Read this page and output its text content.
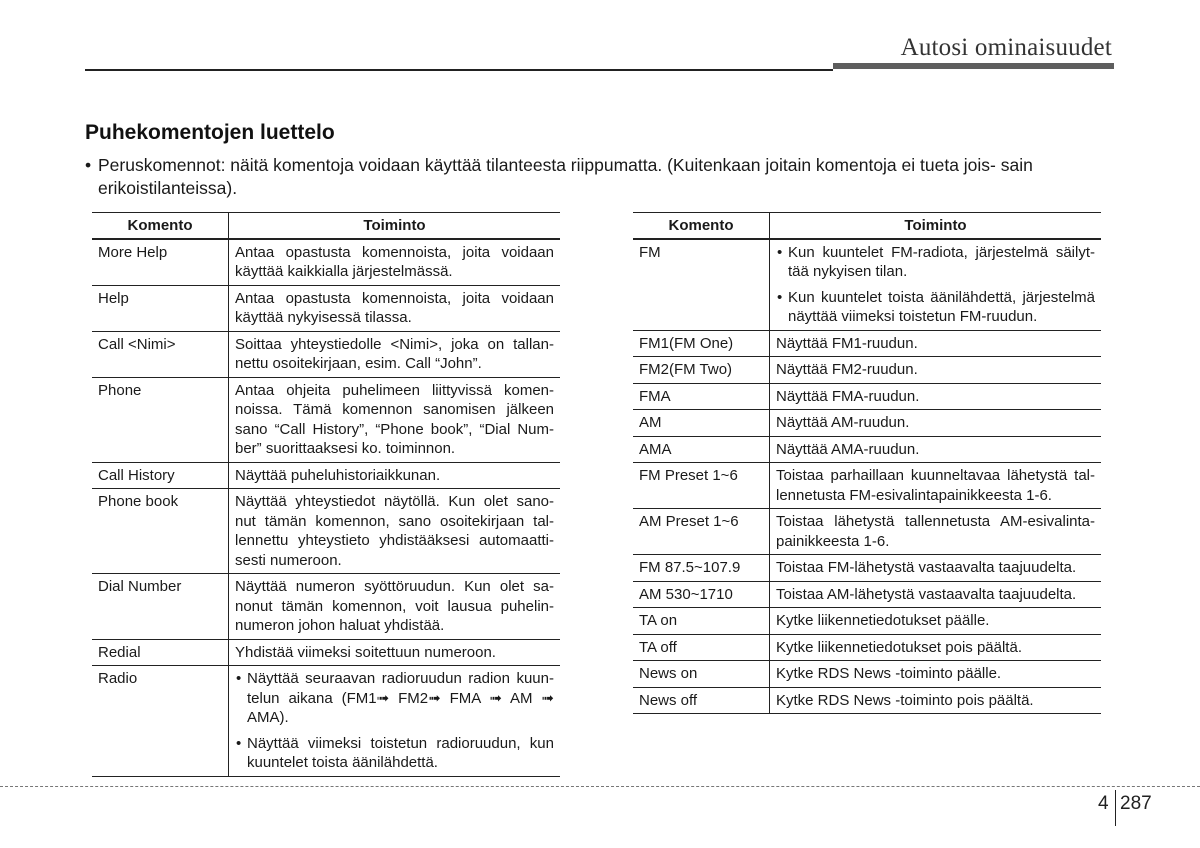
Autosi ominaisuudet
Puhekomentojen luettelo
• Peruskomennot: näitä komentoja voidaan käyttää tilanteesta riippumatta. (Kuitenkaan joitain komentoja ei tueta jois- sain erikoistilanteissa).
Komento	Toiminto
More Help	Antaa opastusta komennoista, joita voidaan käyttää kaikkialla järjestelmässä.

Help	Antaa opastusta komennoista, joita voidaan käyttää nykyisessä tilassa.

Call <Nimi>	Soittaa yhteystiedolle <Nimi>, joka on tallan- nettu osoitekirjaan, esim. Call “John”.

Phone	Antaa ohjeita puhelimeen liittyvissä komen- noissa. Tämä komennon sanomisen jälkeen sano “Call History”, “Phone book”, “Dial Num- ber” suorittaaksesi ko. toiminnon.

Call History	Näyttää puheluhistoriaikkunan.

Phone book	Näyttää yhteystiedot näytöllä. Kun olet sano- nut tämän komennon, sano osoitekirjaan tal- lennettu yhteystieto yhdistääksesi automaatti- sesti numeroon.

Dial Number	Näyttää numeron syöttöruudun. Kun olet sa- nonut tämän komennon, voit lausua puhelin- numeron johon haluat yhdistää.

Redial	Yhdistää viimeksi soitettuun numeroon.

Radio	• Näyttää seuraavan radioruudun radion kuun- telun aikana (FM1➟ FM2➟ FMA ➟ AM ➟ AMA).
• Näyttää viimeksi toistetun radioruudun, kun kuuntelet toista äänilähdettä.
Komento	Toiminto
FM	• Kun kuuntelet FM-radiota, järjestelmä säilyt- tää nykyisen tilan.
• Kun kuuntelet toista äänilähdettä, järjestelmä näyttää viimeksi toistetun FM-ruudun.

FM1(FM One)	Näyttää FM1-ruudun.

FM2(FM Two)	Näyttää FM2-ruudun.

FMA	Näyttää FMA-ruudun.

AM	Näyttää AM-ruudun.

AMA	Näyttää AMA-ruudun.

FM Preset 1~6	Toistaa parhaillaan kuunneltavaa lähetystä tal- lennetusta FM-esivalintapainikkeesta 1-6.

AM Preset 1~6	Toistaa lähetystä tallennetusta AM-esivalinta- painikkeesta 1-6.

FM 87.5~107.9	Toistaa FM-lähetystä vastaavalta taajuudelta.

AM 530~1710	Toistaa AM-lähetystä vastaavalta taajuudelta.

TA on	Kytke liikennetiedotukset päälle.

TA off	Kytke liikennetiedotukset pois päältä.

News on	Kytke RDS News -toiminto päälle.

News off	Kytke RDS News -toiminto pois päältä.
4 287
